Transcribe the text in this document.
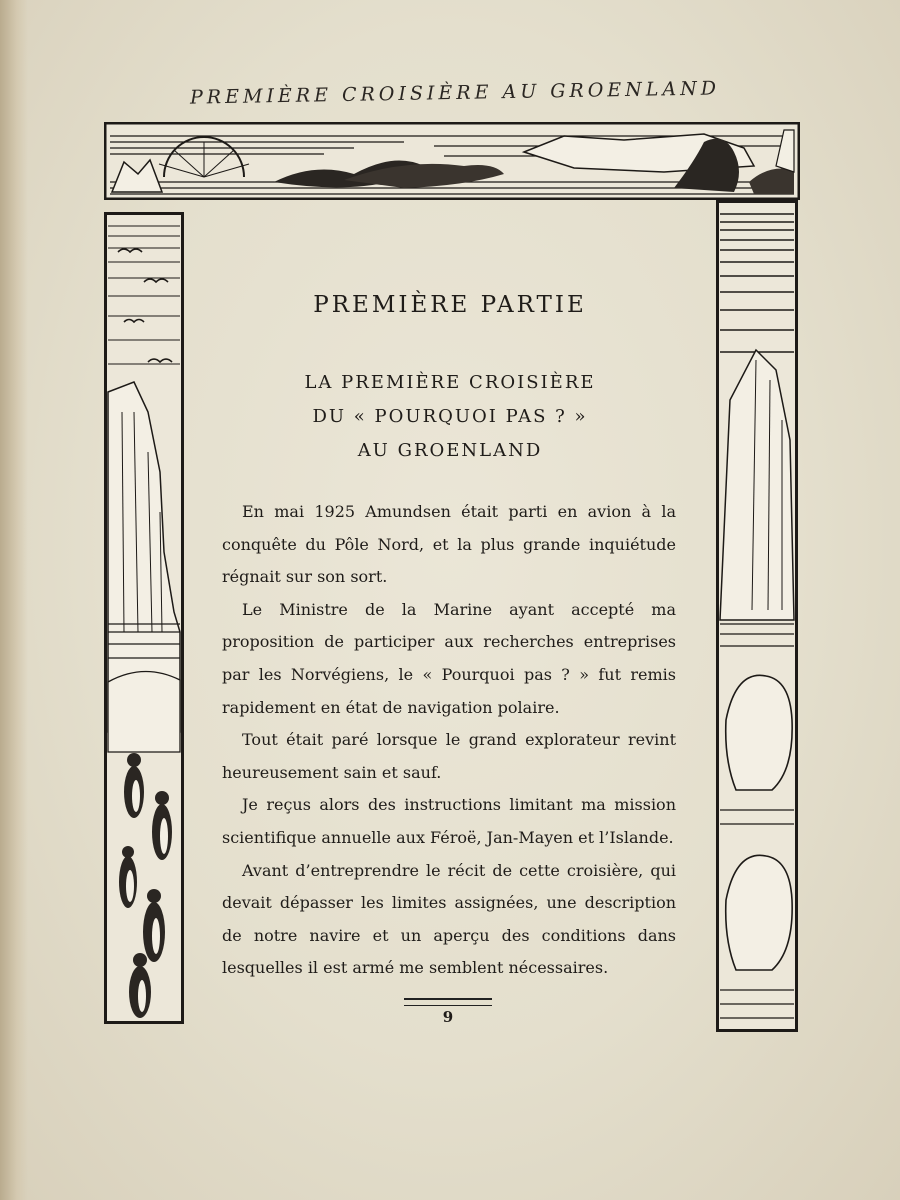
PREMIÈRE CROISIÈRE AU GROENLAND
PREMIÈRE PARTIE
LA PREMIÈRE CROISIÈRE
DU « POURQUOI PAS ? »
AU GROENLAND

En mai 1925 Amundsen était parti en avion à la conquête du Pôle Nord, et la plus grande inquiétude régnait sur son sort.

Le Ministre de la Marine ayant accepté ma proposition de participer aux recherches entreprises par les Norvégiens, le « Pourquoi pas ? » fut remis rapidement en état de navigation polaire.

Tout était paré lorsque le grand explorateur revint heureusement sain et sauf.

Je reçus alors des instructions limitant ma mission scientifique annuelle aux Féroë, Jan-Mayen et l’Islande.

Avant d’entreprendre le récit de cette croisière, qui devait dépasser les limites assignées, une description de notre navire et un aperçu des conditions dans lesquelles il est armé me semblent nécessaires.

9
